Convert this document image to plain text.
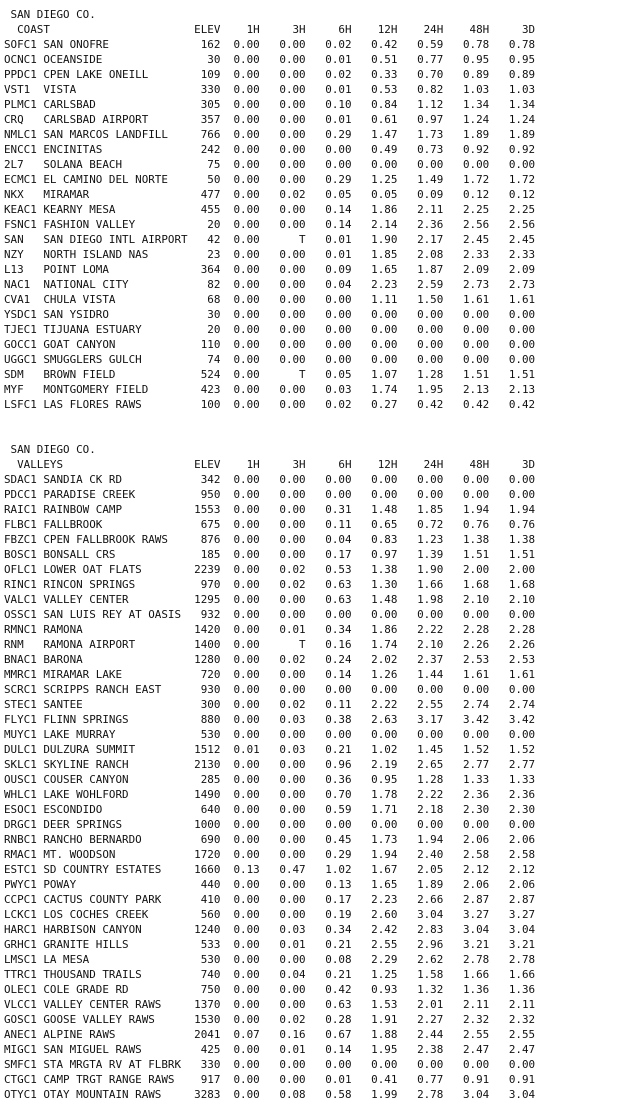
SAN DIEGO CO.
COAST                      ELEV    1H     3H     6H    12H    24H    48H     3D
SOFC1 SAN ONOFRE              162  0.00   0.00   0.02   0.42   0.59   0.78   0.78
OCNC1 OCEANSIDE                30  0.00   0.00   0.01   0.51   0.77   0.95   0.95
PPDC1 CPEN LAKE ONEILL        109  0.00   0.00   0.02   0.33   0.70   0.89   0.89
VST1  VISTA                   330  0.00   0.00   0.01   0.53   0.82   1.03   1.03
PLMC1 CARLSBAD                305  0.00   0.00   0.10   0.84   1.12   1.34   1.34
CRQ   CARLSBAD AIRPORT        357  0.00   0.00   0.01   0.61   0.97   1.24   1.24
NMLC1 SAN MARCOS LANDFILL     766  0.00   0.00   0.29   1.47   1.73   1.89   1.89
ENCC1 ENCINITAS               242  0.00   0.00   0.00   0.49   0.73   0.92   0.92
2L7   SOLANA BEACH             75  0.00   0.00   0.00   0.00   0.00   0.00   0.00
ECMC1 EL CAMINO DEL NORTE      50  0.00   0.00   0.29   1.25   1.49   1.72   1.72
NKX   MIRAMAR                 477  0.00   0.02   0.05   0.05   0.09   0.12   0.12
KEAC1 KEARNY MESA             455  0.00   0.00   0.14   1.86   2.11   2.25   2.25
FSNC1 FASHION VALLEY           20  0.00   0.00   0.14   2.14   2.36   2.56   2.56
SAN   SAN DIEGO INTL AIRPORT   42  0.00      T   0.01   1.90   2.17   2.45   2.45
NZY   NORTH ISLAND NAS         23  0.00   0.00   0.01   1.85   2.08   2.33   2.33
L13   POINT LOMA              364  0.00   0.00   0.09   1.65   1.87   2.09   2.09
NAC1  NATIONAL CITY            82  0.00   0.00   0.04   2.23   2.59   2.73   2.73
CVA1  CHULA VISTA              68  0.00   0.00   0.00   1.11   1.50   1.61   1.61
YSDC1 SAN YSIDRO               30  0.00   0.00   0.00   0.00   0.00   0.00   0.00
TJEC1 TIJUANA ESTUARY          20  0.00   0.00   0.00   0.00   0.00   0.00   0.00
GOCC1 GOAT CANYON             110  0.00   0.00   0.00   0.00   0.00   0.00   0.00
UGGC1 SMUGGLERS GULCH          74  0.00   0.00   0.00   0.00   0.00   0.00   0.00
SDM   BROWN FIELD             524  0.00      T   0.05   1.07   1.28   1.51   1.51
MYF   MONTGOMERY FIELD        423  0.00   0.00   0.03   1.74   1.95   2.13   2.13
LSFC1 LAS FLORES RAWS         100  0.00   0.00   0.02   0.27   0.42   0.42   0.42
SAN DIEGO CO.
VALLEYS                    ELEV    1H     3H     6H    12H    24H    48H     3D
SDAC1 SANDIA CK RD            342  0.00   0.00   0.00   0.00   0.00   0.00   0.00
PDCC1 PARADISE CREEK          950  0.00   0.00   0.00   0.00   0.00   0.00   0.00
RAIC1 RAINBOW CAMP           1553  0.00   0.00   0.31   1.48   1.85   1.94   1.94
FLBC1 FALLBROOK               675  0.00   0.00   0.11   0.65   0.72   0.76   0.76
FBZC1 CPEN FALLBROOK RAWS     876  0.00   0.00   0.04   0.83   1.23   1.38   1.38
BOSC1 BONSALL CRS             185  0.00   0.00   0.17   0.97   1.39   1.51   1.51
OFLC1 LOWER OAT FLATS        2239  0.00   0.02   0.53   1.38   1.90   2.00   2.00
RINC1 RINCON SPRINGS          970  0.00   0.02   0.63   1.30   1.66   1.68   1.68
VALC1 VALLEY CENTER          1295  0.00   0.00   0.63   1.48   1.98   2.10   2.10
OSSC1 SAN LUIS REY AT OASIS   932  0.00   0.00   0.00   0.00   0.00   0.00   0.00
RMNC1 RAMONA                 1420  0.00   0.01   0.34   1.86   2.22   2.28   2.28
RNM   RAMONA AIRPORT         1400  0.00      T   0.16   1.74   2.10   2.26   2.26
BNAC1 BARONA                 1280  0.00   0.02   0.24   2.02   2.37   2.53   2.53
MMRC1 MIRAMAR LAKE            720  0.00   0.00   0.14   1.26   1.44   1.61   1.61
SCRC1 SCRIPPS RANCH EAST      930  0.00   0.00   0.00   0.00   0.00   0.00   0.00
STEC1 SANTEE                  300  0.00   0.02   0.11   2.22   2.55   2.74   2.74
FLYC1 FLINN SPRINGS           880  0.00   0.03   0.38   2.63   3.17   3.42   3.42
MUYC1 LAKE MURRAY             530  0.00   0.00   0.00   0.00   0.00   0.00   0.00
DULC1 DULZURA SUMMIT         1512  0.01   0.03   0.21   1.02   1.45   1.52   1.52
SKLC1 SKYLINE RANCH          2130  0.00   0.00   0.96   2.19   2.65   2.77   2.77
OUSC1 COUSER CANYON           285  0.00   0.00   0.36   0.95   1.28   1.33   1.33
WHLC1 LAKE WOHLFORD          1490  0.00   0.00   0.70   1.78   2.22   2.36   2.36
ESOC1 ESCONDIDO               640  0.00   0.00   0.59   1.71   2.18   2.30   2.30
DRGC1 DEER SPRINGS           1000  0.00   0.00   0.00   0.00   0.00   0.00   0.00
RNBC1 RANCHO BERNARDO         690  0.00   0.00   0.45   1.73   1.94   2.06   2.06
RMAC1 MT. WOODSON            1720  0.00   0.00   0.29   1.94   2.40   2.58   2.58
ESTC1 SD COUNTRY ESTATES     1660  0.13   0.47   1.02   1.67   2.05   2.12   2.12
PWYC1 POWAY                   440  0.00   0.00   0.13   1.65   1.89   2.06   2.06
CCPC1 CACTUS COUNTY PARK      410  0.00   0.00   0.17   2.23   2.66   2.87   2.87
LCKC1 LOS COCHES CREEK        560  0.00   0.00   0.19   2.60   3.04   3.27   3.27
HARC1 HARBISON CANYON        1240  0.00   0.03   0.34   2.42   2.83   3.04   3.04
GRHC1 GRANITE HILLS           533  0.00   0.01   0.21   2.55   2.96   3.21   3.21
LMSC1 LA MESA                 530  0.00   0.00   0.08   2.29   2.62   2.78   2.78
TTRC1 THOUSAND TRAILS         740  0.00   0.04   0.21   1.25   1.58   1.66   1.66
OLEC1 COLE GRADE RD           750  0.00   0.00   0.42   0.93   1.32   1.36   1.36
VLCC1 VALLEY CENTER RAWS     1370  0.00   0.00   0.63   1.53   2.01   2.11   2.11
GOSC1 GOOSE VALLEY RAWS      1530  0.00   0.02   0.28   1.91   2.27   2.32   2.32
ANEC1 ALPINE RAWS            2041  0.07   0.16   0.67   1.88   2.44   2.55   2.55
MIGC1 SAN MIGUEL RAWS         425  0.00   0.01   0.14   1.95   2.38   2.47   2.47
SMFC1 STA MRGTA RV AT FLBRK   330  0.00   0.00   0.00   0.00   0.00   0.00   0.00
CTGC1 CAMP TRGT RANGE RAWS    917  0.00   0.00   0.01   0.41   0.77   0.91   0.91
OTYC1 OTAY MOUNTAIN RAWS     3283  0.00   0.08   0.58   1.99   2.78   3.04   3.04
